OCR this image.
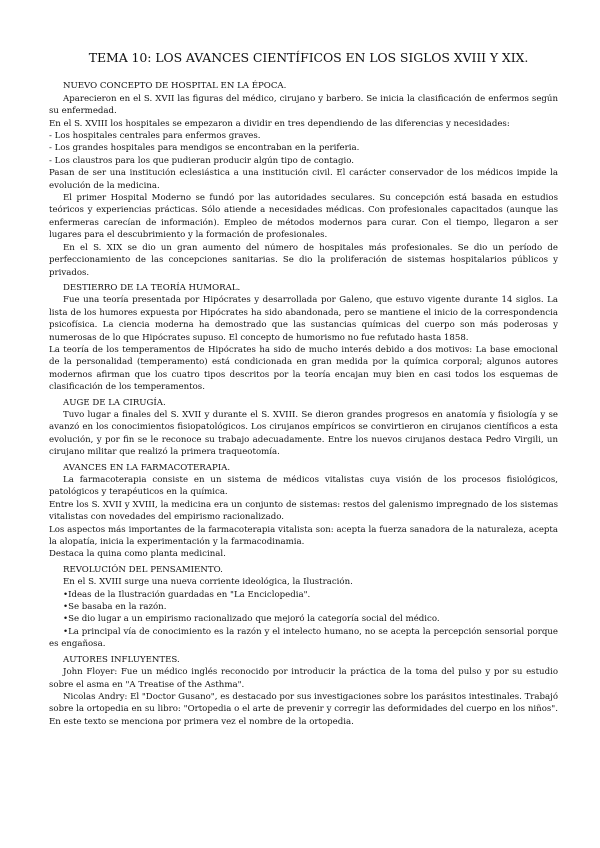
TEMA 10: LOS AVANCES CIENTÍFICOS EN LOS SIGLOS XVIII Y XIX.

NUEVO CONCEPTO DE HOSPITAL EN LA ÉPOCA.

Aparecieron en el S. XVII las figuras del médico, cirujano y barbero. Se inicia la clasificación de enfermos según su enfermedad.

En el S. XVIII los hospitales se empezaron a dividir en tres dependiendo de las diferencias y necesidades:

- Los hospitales centrales para enfermos graves.

- Los grandes hospitales para mendigos se encontraban en la periferia.

- Los claustros para los que pudieran producir algún tipo de contagio.

Pasan de ser una institución eclesiástica a una institución civil. El carácter conservador de los médicos impide la evolución de la medicina.

El primer Hospital Moderno se fundó por las autoridades seculares. Su concepción está basada en estudios teóricos y experiencias prácticas. Sólo atiende a necesidades médicas. Con profesionales capacitados (aunque las enfermeras carecían de información). Empleo de métodos modernos para curar. Con el tiempo, llegaron a ser lugares para el descubrimiento y la formación de profesionales.

En el S. XIX se dio un gran aumento del número de hospitales más profesionales. Se dio un período de perfeccionamiento de las concepciones sanitarias. Se dio la proliferación de sistemas hospitalarios públicos y privados.

DESTIERRO DE LA TEORÍA HUMORAL.

Fue una teoría presentada por Hipócrates y desarrollada por Galeno, que estuvo vigente durante 14 siglos. La lista de los humores expuesta por Hipócrates ha sido abandonada, pero se mantiene el inicio de la correspondencia psicofísica. La ciencia moderna ha demostrado que las sustancias químicas del cuerpo son más poderosas y numerosas de lo que Hipócrates supuso. El concepto de humorismo no fue refutado hasta 1858.

La teoría de los temperamentos de Hipócrates ha sido de mucho interés debido a dos motivos: La base emocional de la personalidad (temperamento) está condicionada en gran medida por la química corporal; algunos autores modernos afirman que los cuatro tipos descritos por la teoría encajan muy bien en casi todos los esquemas de clasificación de los temperamentos.

AUGE DE LA CIRUGÍA.

Tuvo lugar a finales del S. XVII y durante el S. XVIII. Se dieron grandes progresos en anatomía y fisiología y se avanzó en los conocimientos fisiopatológicos. Los cirujanos empíricos se convirtieron en cirujanos científicos a esta evolución, y por fin se le reconoce su trabajo adecuadamente. Entre los nuevos cirujanos destaca Pedro Virgili, un cirujano militar que realizó la primera traqueotomía.

AVANCES EN LA FARMACOTERAPIA.

La farmacoterapia consiste en un sistema de médicos vitalistas cuya visión de los procesos fisiológicos, patológicos y terapéuticos en la química.

Entre los S. XVII y XVIII, la medicina era un conjunto de sistemas: restos del galenismo impregnado de los sistemas vitalistas con novedades del empirismo racionalizado.

Los aspectos más importantes de la farmacoterapia vitalista son: acepta la fuerza sanadora de la naturaleza, acepta la alopatía, inicia la experimentación y la farmacodinamia.

Destaca la quina como planta medicinal.

REVOLUCIÓN DEL PENSAMIENTO.

En el S. XVIII surge una nueva corriente ideológica, la Ilustración.

•Ideas de la Ilustración guardadas en "La Enciclopedia".

•Se basaba en la razón.

•Se dio lugar a un empirismo racionalizado que mejoró la categoría social del médico.

•La principal vía de conocimiento es la razón y el intelecto humano, no se acepta la percepción sensorial porque es engañosa.

AUTORES INFLUYENTES.

John Floyer: Fue un médico inglés reconocido por introducir la práctica de la toma del pulso y por su estudio sobre el asma en "A Treatise of the Asthma".

Nicolas Andry: El "Doctor Gusano", es destacado por sus investigaciones sobre los parásitos intestinales. Trabajó sobre la ortopedia en su libro: "Ortopedia o el arte de prevenir y corregir las deformidades del cuerpo en los niños". En este texto se menciona por primera vez el nombre de la ortopedia.
